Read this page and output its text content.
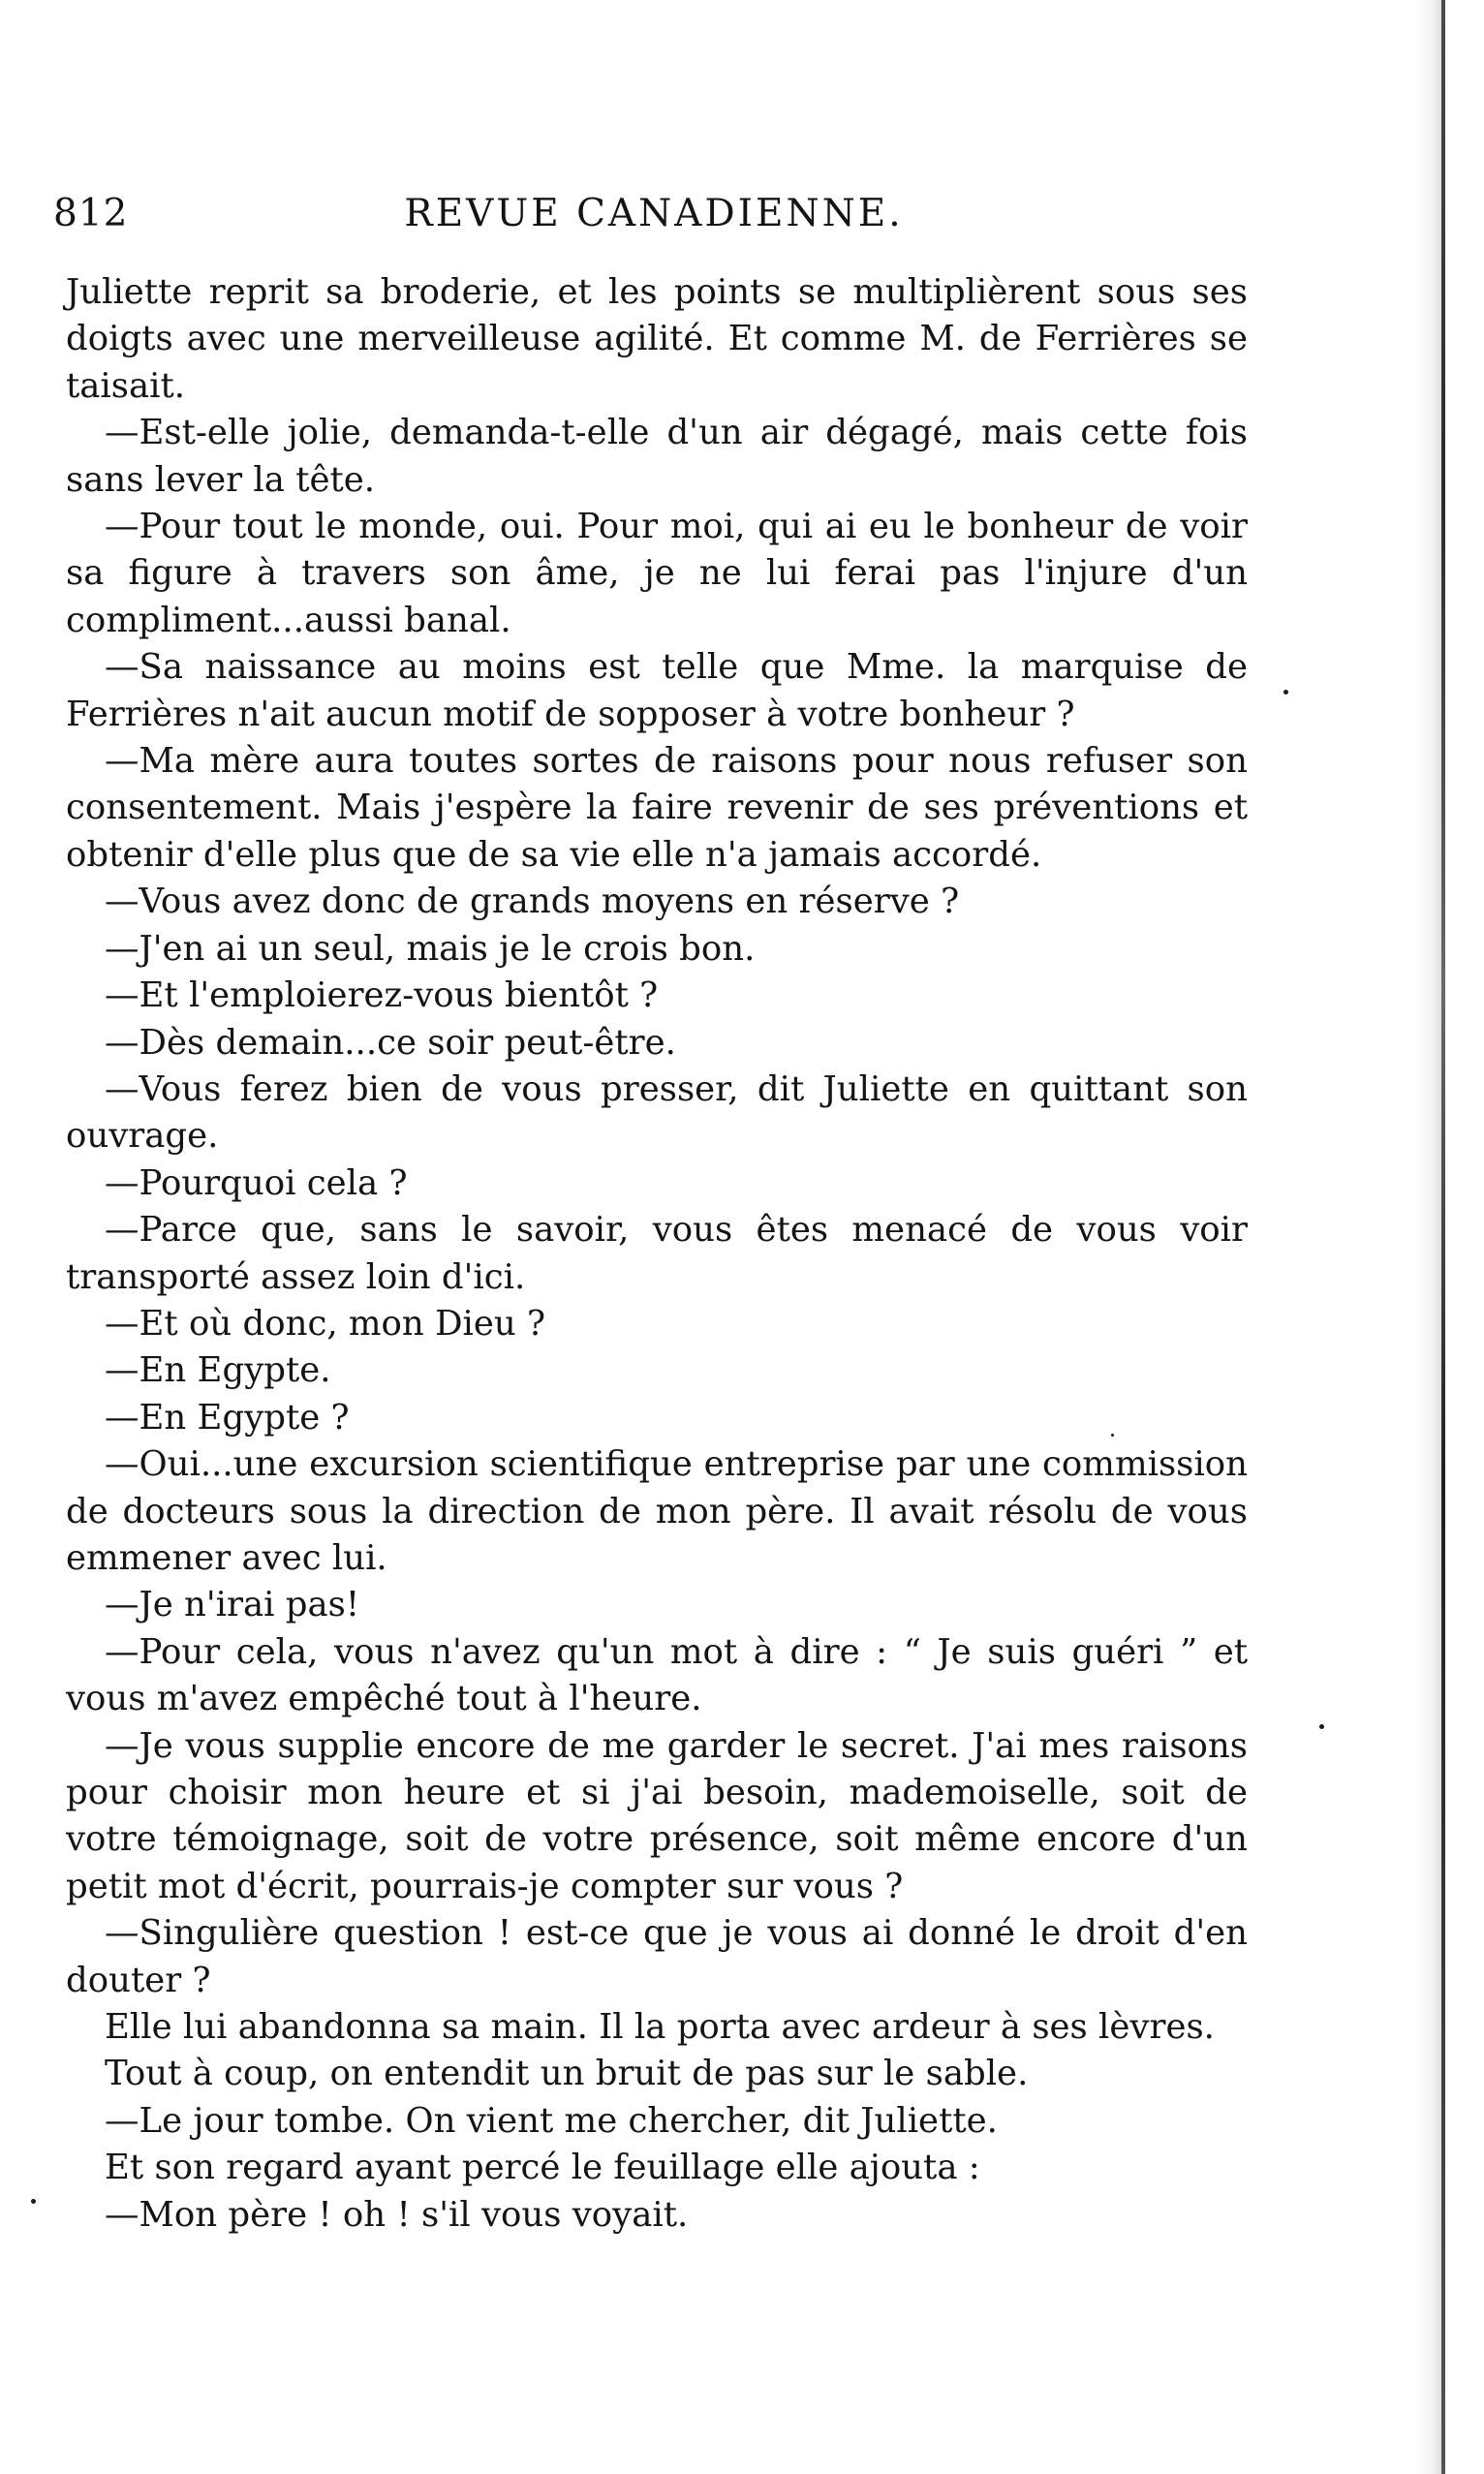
812	REVUE CANADIENNE.

Juliette reprit sa broderie, et les points se multiplièrent sous ses doigts avec une merveilleuse agilité. Et comme M. de Ferrières se taisait.

—Est-elle jolie, demanda-t-elle d'un air dégagé, mais cette fois sans lever la tête.

—Pour tout le monde, oui. Pour moi, qui ai eu le bonheur de voir sa figure à travers son âme, je ne lui ferai pas l'injure d'un compliment...aussi banal.

—Sa naissance au moins est telle que Mme. la marquise de Ferrières n'ait aucun motif de sopposer à votre bonheur ?

—Ma mère aura toutes sortes de raisons pour nous refuser son consentement. Mais j'espère la faire revenir de ses préventions et obtenir d'elle plus que de sa vie elle n'a jamais accordé.

—Vous avez donc de grands moyens en réserve ?

—J'en ai un seul, mais je le crois bon.

—Et l'emploierez-vous bientôt ?

—Dès demain...ce soir peut-être.

—Vous ferez bien de vous presser, dit Juliette en quittant son ouvrage.

—Pourquoi cela ?

—Parce que, sans le savoir, vous êtes menacé de vous voir transporté assez loin d'ici.

—Et où donc, mon Dieu ?

—En Egypte.

—En Egypte ?

—Oui...une excursion scientifique entreprise par une commission de docteurs sous la direction de mon père. Il avait résolu de vous emmener avec lui.

—Je n'irai pas!

—Pour cela, vous n'avez qu'un mot à dire : “ Je suis guéri ” et vous m'avez empêché tout à l'heure.

—Je vous supplie encore de me garder le secret. J'ai mes raisons pour choisir mon heure et si j'ai besoin, mademoiselle, soit de votre témoignage, soit de votre présence, soit même encore d'un petit mot d'écrit, pourrais-je compter sur vous ?

—Singulière question ! est-ce que je vous ai donné le droit d'en douter ?

Elle lui abandonna sa main. Il la porta avec ardeur à ses lèvres.

Tout à coup, on entendit un bruit de pas sur le sable.

—Le jour tombe. On vient me chercher, dit Juliette.

Et son regard ayant percé le feuillage elle ajouta :

—Mon père ! oh ! s'il vous voyait.
